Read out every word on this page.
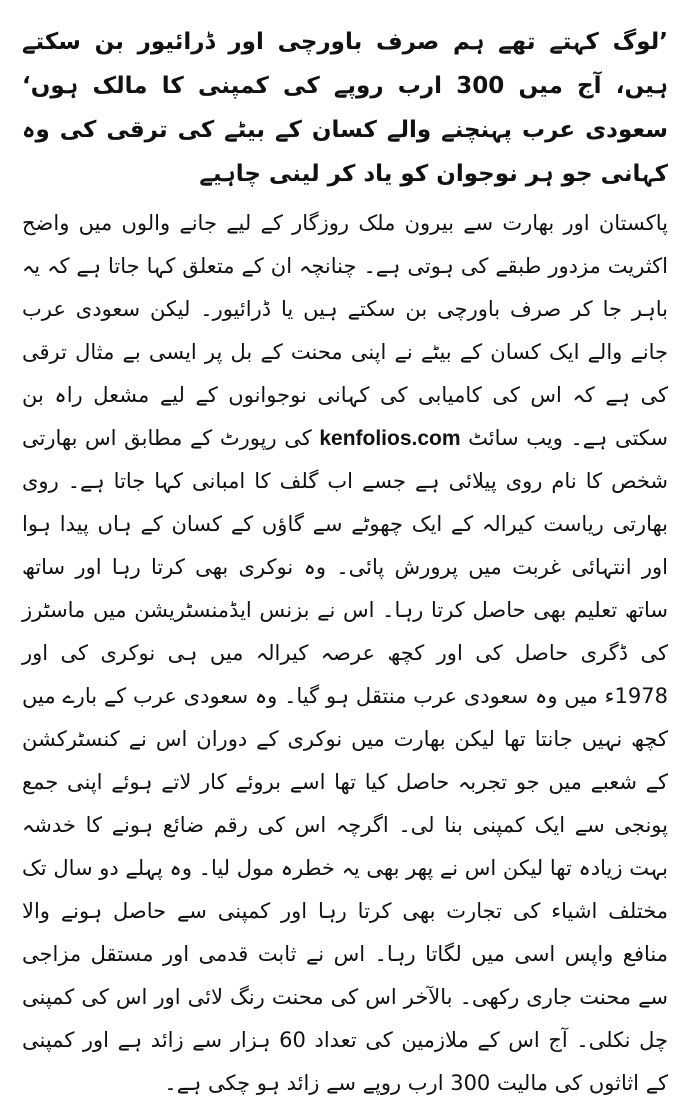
’لوگ کہتے تھے ہم صرف باورچی اور ڈرائیور بن سکتے ہیں، آج میں 300 ارب روپے کی کمپنی کا مالک ہوں‘ سعودی عرب پہنچنے والے کسان کے بیٹے کی ترقی کی وہ کہانی جو ہر نوجوان کو یاد کر لینی چاہیے

پاکستان اور بھارت سے بیرون ملک روزگار کے لیے جانے والوں میں واضح اکثریت مزدور طبقے کی ہوتی ہے۔ چنانچہ ان کے متعلق کہا جاتا ہے کہ یہ باہر جا کر صرف باورچی بن سکتے ہیں یا ڈرائیور۔ لیکن سعودی عرب جانے والے ایک کسان کے بیٹے نے اپنی محنت کے بل پر ایسی بے مثال ترقی کی ہے کہ اس کی کامیابی کی کہانی نوجوانوں کے لیے مشعل راہ بن سکتی ہے۔ ویب سائٹ kenfolios.com کی رپورٹ کے مطابق اس بھارتی شخص کا نام روی پیلائی ہے جسے اب گلف کا امبانی کہا جاتا ہے۔ روی بھارتی ریاست کیرالہ کے ایک چھوٹے سے گاؤں کے کسان کے ہاں پیدا ہوا اور انتہائی غربت میں پرورش پائی۔ وہ نوکری بھی کرتا رہا اور ساتھ ساتھ تعلیم بھی حاصل کرتا رہا۔ اس نے بزنس ایڈمنسٹریشن میں ماسٹرز کی ڈگری حاصل کی اور کچھ عرصہ کیرالہ میں ہی نوکری کی اور 1978ء میں وہ سعودی عرب منتقل ہو گیا۔ وہ سعودی عرب کے بارے میں کچھ نہیں جانتا تھا لیکن بھارت میں نوکری کے دوران اس نے کنسٹرکشن کے شعبے میں جو تجربہ حاصل کیا تھا اسے بروئے کار لاتے ہوئے اپنی جمع پونجی سے ایک کمپنی بنا لی۔ اگرچہ اس کی رقم ضائع ہونے کا خدشہ بہت زیادہ تھا لیکن اس نے پھر بھی یہ خطرہ مول لیا۔ وہ پہلے دو سال تک مختلف اشیاء کی تجارت بھی کرتا رہا اور کمپنی سے حاصل ہونے والا منافع واپس اسی میں لگاتا رہا۔ اس نے ثابت قدمی اور مستقل مزاجی سے محنت جاری رکھی۔ بالآخر اس کی محنت رنگ لائی اور اس کی کمپنی چل نکلی۔ آج اس کے ملازمین کی تعداد 60 ہزار سے زائد ہے اور کمپنی کے اثاثوں کی مالیت 300 ارب روپے سے زائد ہو چکی ہے۔
